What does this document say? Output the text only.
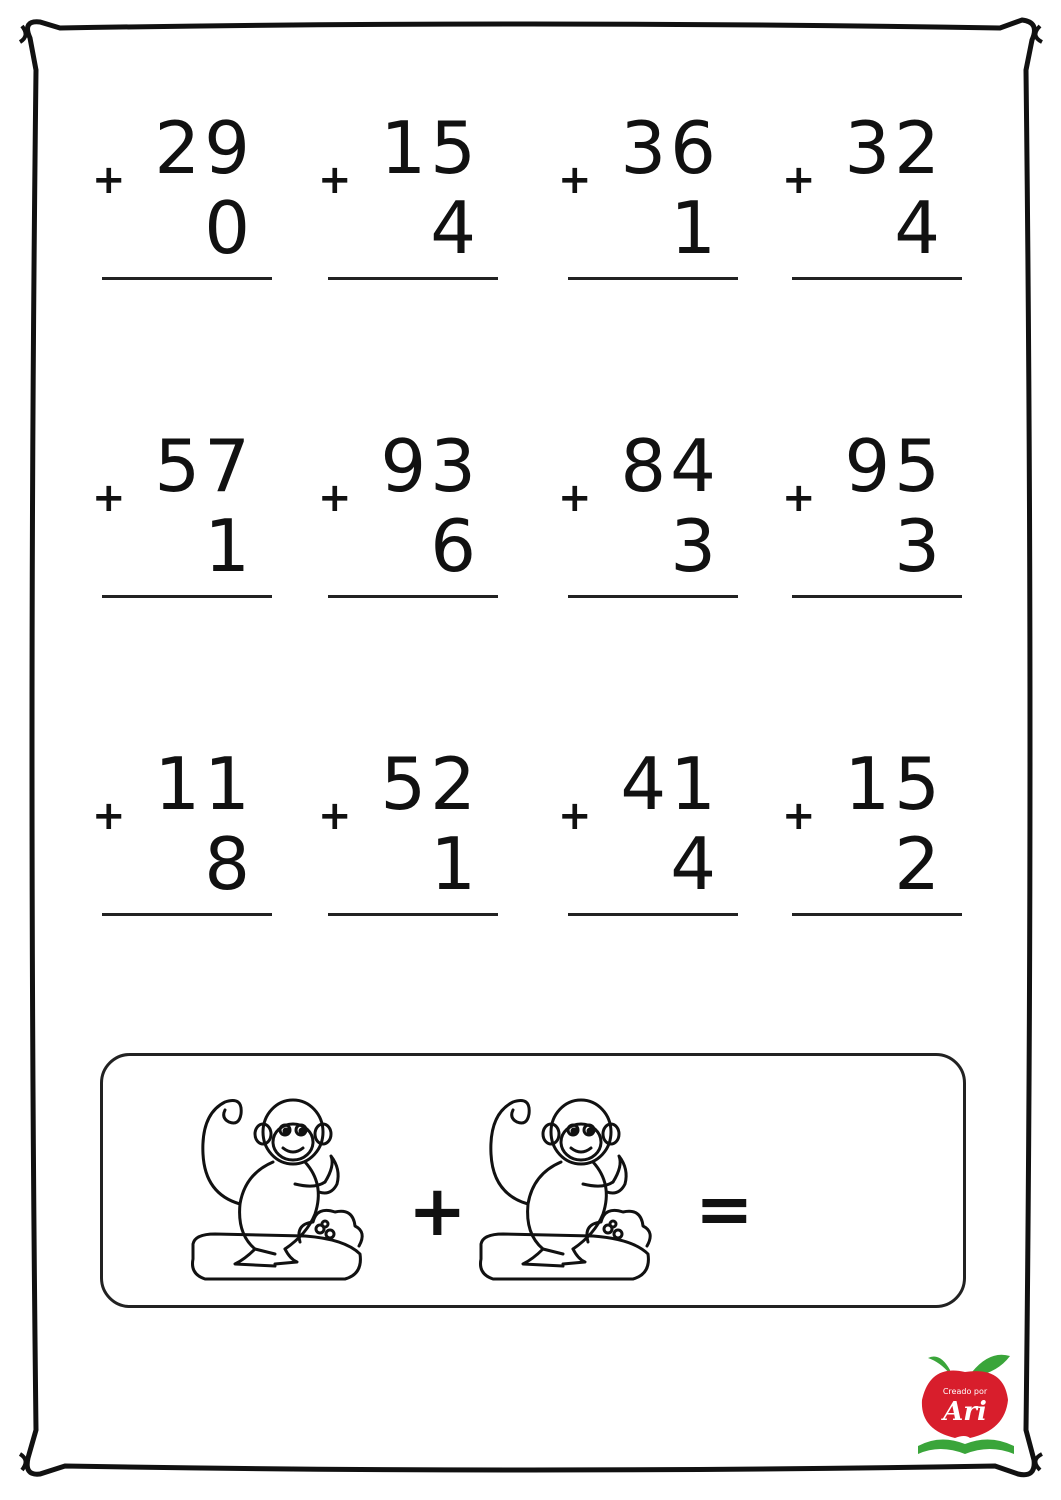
+ 29
0
+ 15
4
+ 36
1
+ 32
4
+ 57
1
+ 93
6
+ 84
3
+ 95
3
+ 11
8
+ 52
1
+ 41
4
+ 15
2
+	=
Creado por
Ari
